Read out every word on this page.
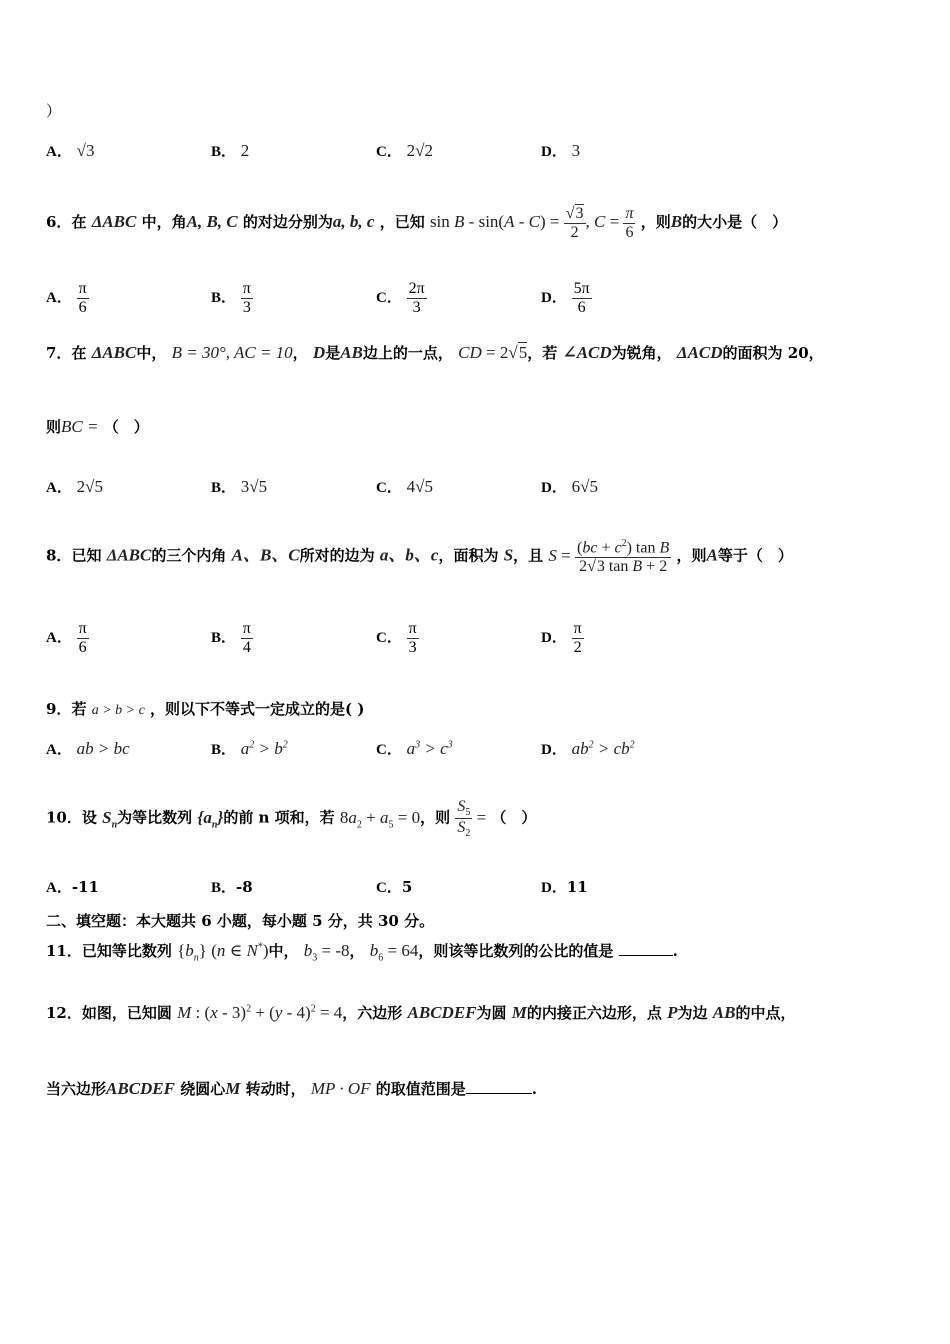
）
A． √3	B． 2	C． 2√2	D． 3
6．在 ΔABC 中，角A, B, C 的对边分别为a, b, c ，已知 $\sin B - \sin(A - C) = \frac{√3}{2}$ , $C = \frac{\pi}{6}$ ，则B的大小是（　）
A． $\frac{\pi}{6}$	B． $\frac{\pi}{3}$	C． $\frac{2\pi}{3}$	D． $\frac{5\pi}{6}$
7．在 ΔABC中， B = 30°, AC = 10， D是AB边上的一点， CD = 2√5，若 ∠ACD为锐角， ΔACD的面积为 20，
则BC = （　）
A． 2√5	B． 3√5	C． 4√5	D． 6√5
8．已知 ΔABC的三个内角 A、B、C所对的边为 a、b、c，面积为 S，且 $S = \frac{(bc + c^2) \tan B}{\text{2√3 tan B + 2}}$ ，则A等于（　）
A． $\frac{\pi}{6}$	B． $\frac{\pi}{4}$	C． $\frac{\pi}{3}$	D． $\frac{\pi}{2}$
9．若 a > b > c ，则以下不等式一定成立的是( )
A． ab > bc	B． $a^2 > b^2$	C． $a^3 > c^3$	D． $ab^2 > cb^2$
10．设 $S_n$为等比数列 $\{a_n\}$的前 n 项和，若 $8a_2 + a_5 = 0$，则 $\frac{S_5}{S_2}$ = （　）
A．-11	B．-8	C．5	D．11
二、填空题：本大题共 6 小题，每小题 5 分，共 30 分。
11．已知等比数列 $\{b_n\}$ (n ∈ N*)中， $b_3 = -8$， $b_6 = 64$，则该等比数列的公比的值是	.
12．如图，已知圆 M : (x - 3)$^2$ + (y - 4)$^2$ = 4，六边形 ABCDEF为圆 M的内接正六边形，点 P为边 AB的中点，
当六边形ABCDEF 绕圆心M 转动时， MP · OF 的取值范围是	.
